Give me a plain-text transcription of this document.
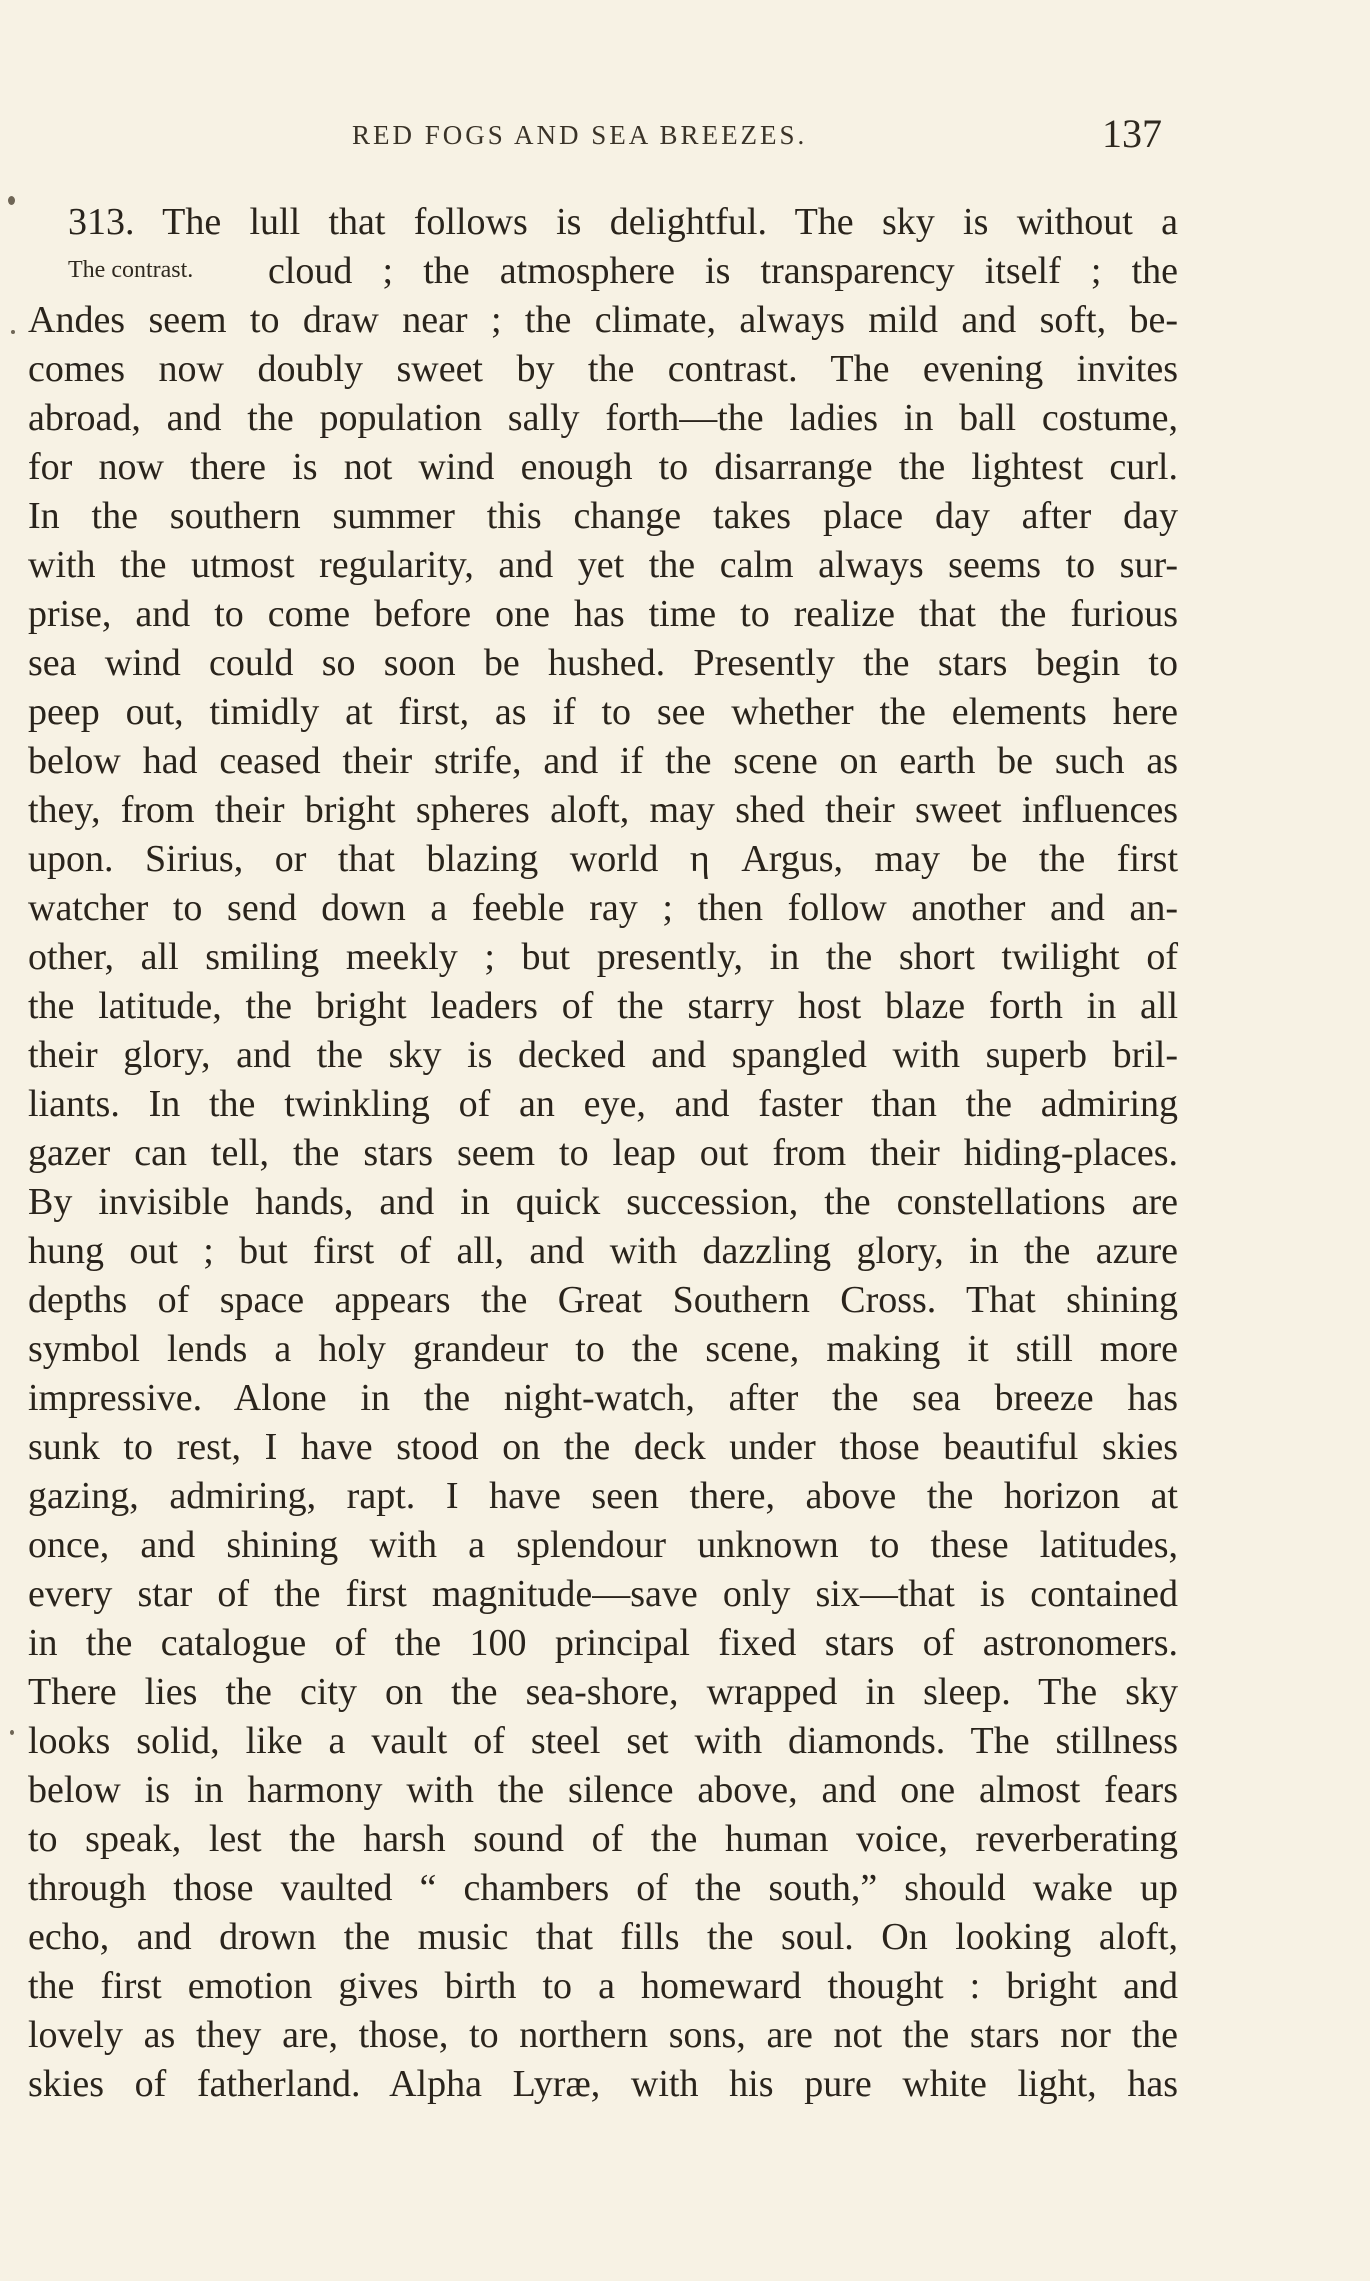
RED FOGS AND SEA BREEZES.	137
The contrast.
313. The lull that follows is delightful. The sky is without a
cloud ; the atmosphere is transparency itself ; the
Andes seem to draw near ; the climate, always mild and soft, be-
comes now doubly sweet by the contrast. The evening invites
abroad, and the population sally forth—the ladies in ball costume,
for now there is not wind enough to disarrange the lightest curl.
In the southern summer this change takes place day after day
with the utmost regularity, and yet the calm always seems to sur-
prise, and to come before one has time to realize that the furious
sea wind could so soon be hushed. Presently the stars begin to
peep out, timidly at first, as if to see whether the elements here
below had ceased their strife, and if the scene on earth be such as
they, from their bright spheres aloft, may shed their sweet influences
upon. Sirius, or that blazing world η Argus, may be the first
watcher to send down a feeble ray ; then follow another and an-
other, all smiling meekly ; but presently, in the short twilight of
the latitude, the bright leaders of the starry host blaze forth in all
their glory, and the sky is decked and spangled with superb bril-
liants. In the twinkling of an eye, and faster than the admiring
gazer can tell, the stars seem to leap out from their hiding-places.
By invisible hands, and in quick succession, the constellations are
hung out ; but first of all, and with dazzling glory, in the azure
depths of space appears the Great Southern Cross. That shining
symbol lends a holy grandeur to the scene, making it still more
impressive. Alone in the night-watch, after the sea breeze has
sunk to rest, I have stood on the deck under those beautiful skies
gazing, admiring, rapt. I have seen there, above the horizon at
once, and shining with a splendour unknown to these latitudes,
every star of the first magnitude—save only six—that is contained
in the catalogue of the 100 principal fixed stars of astronomers.
There lies the city on the sea-shore, wrapped in sleep. The sky
looks solid, like a vault of steel set with diamonds. The stillness
below is in harmony with the silence above, and one almost fears
to speak, lest the harsh sound of the human voice, reverberating
through those vaulted “ chambers of the south,” should wake up
echo, and drown the music that fills the soul. On looking aloft,
the first emotion gives birth to a homeward thought : bright and
lovely as they are, those, to northern sons, are not the stars nor the
skies of fatherland. Alpha Lyræ, with his pure white light, has
